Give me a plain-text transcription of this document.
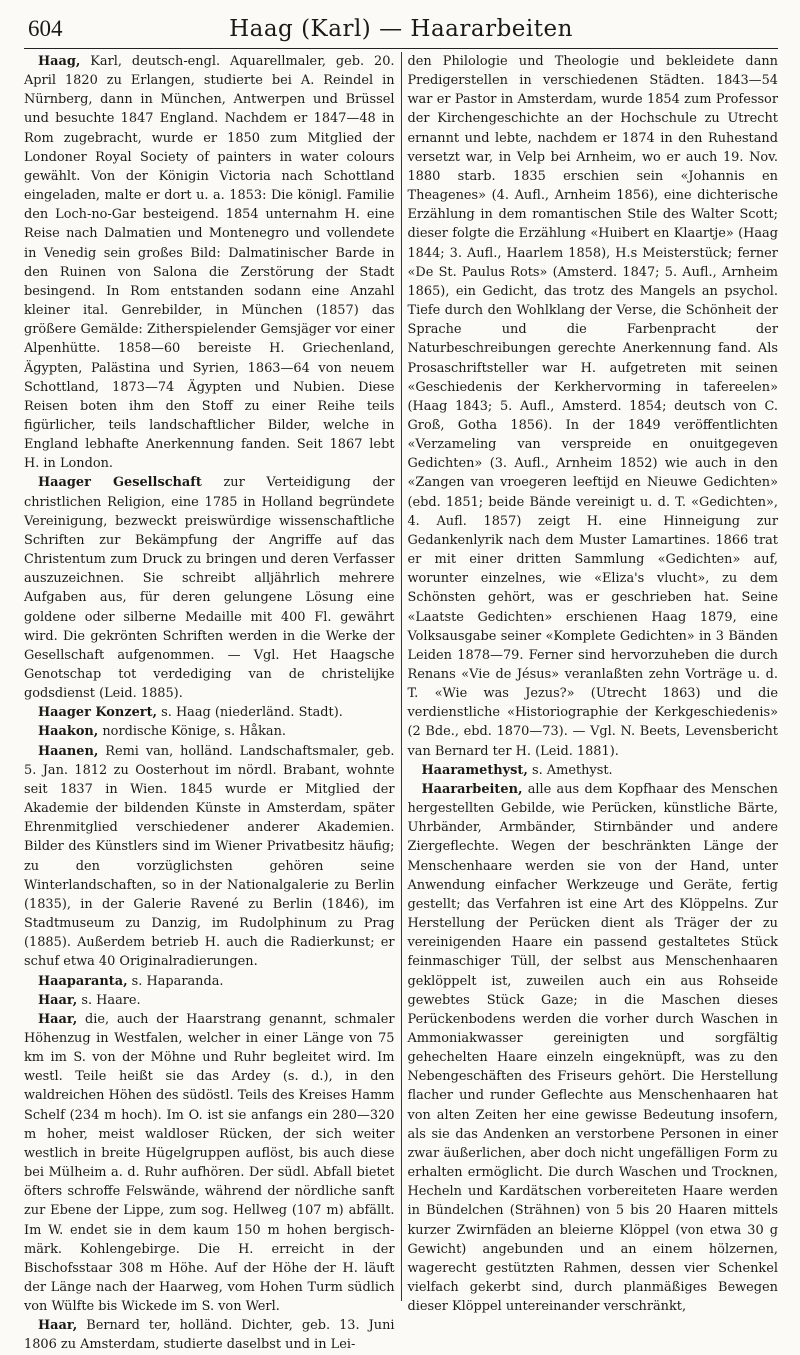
604	Haag (Karl) — Haararbeiten

Haag, Karl, deutsch-engl. Aquarellmaler, geb. 20. April 1820 zu Erlangen, studierte bei A. Reindel in Nürnberg, dann in München, Antwerpen und Brüssel und besuchte 1847 England. Nachdem er 1847—48 in Rom zugebracht, wurde er 1850 zum Mitglied der Londoner Royal Society of painters in water colours gewählt. Von der Königin Victoria nach Schottland eingeladen, malte er dort u. a. 1853: Die königl. Familie den Loch-no-Gar besteigend. 1854 unternahm H. eine Reise nach Dalmatien und Montenegro und vollendete in Venedig sein großes Bild: Dalmatinischer Barde in den Ruinen von Salona die Zerstörung der Stadt besingend. In Rom entstanden sodann eine Anzahl kleiner ital. Genrebilder, in München (1857) das größere Gemälde: Zitherspielender Gemsjäger vor einer Alpenhütte. 1858—60 bereiste H. Griechenland, Ägypten, Palästina und Syrien, 1863—64 von neuem Schottland, 1873—74 Ägypten und Nubien. Diese Reisen boten ihm den Stoff zu einer Reihe teils figürlicher, teils landschaftlicher Bilder, welche in England lebhafte Anerkennung fanden. Seit 1867 lebt H. in London.

Haager Gesellschaft zur Verteidigung der christlichen Religion, eine 1785 in Holland begründete Vereinigung, bezweckt preiswürdige wissenschaftliche Schriften zur Bekämpfung der Angriffe auf das Christentum zum Druck zu bringen und deren Verfasser auszuzeichnen. Sie schreibt alljährlich mehrere Aufgaben aus, für deren gelungene Lösung eine goldene oder silberne Medaille mit 400 Fl. gewährt wird. Die gekrönten Schriften werden in die Werke der Gesellschaft aufgenommen. — Vgl. Het Haagsche Genotschap tot verdediging van de christelijke godsdienst (Leid. 1885).

Haager Konzert, s. Haag (niederländ. Stadt).

Haakon, nordische Könige, s. Håkan.

Haanen, Remi van, holländ. Landschaftsmaler, geb. 5. Jan. 1812 zu Oosterhout im nördl. Brabant, wohnte seit 1837 in Wien. 1845 wurde er Mitglied der Akademie der bildenden Künste in Amsterdam, später Ehrenmitglied verschiedener anderer Akademien. Bilder des Künstlers sind im Wiener Privatbesitz häufig; zu den vorzüglichsten gehören seine Winterlandschaften, so in der Nationalgalerie zu Berlin (1835), in der Galerie Ravené zu Berlin (1846), im Stadtmuseum zu Danzig, im Rudolphinum zu Prag (1885). Außerdem betrieb H. auch die Radierkunst; er schuf etwa 40 Originalradierungen.

Haaparanta, s. Haparanda.

Haar, s. Haare.

Haar, die, auch der Haarstrang genannt, schmaler Höhenzug in Westfalen, welcher in einer Länge von 75 km im S. von der Möhne und Ruhr begleitet wird. Im westl. Teile heißt sie das Ardey (s. d.), in den waldreichen Höhen des südöstl. Teils des Kreises Hamm Schelf (234 m hoch). Im O. ist sie anfangs ein 280—320 m hoher, meist waldloser Rücken, der sich weiter westlich in breite Hügelgruppen auflöst, bis auch diese bei Mülheim a. d. Ruhr aufhören. Der südl. Abfall bietet öfters schroffe Felswände, während der nördliche sanft zur Ebene der Lippe, zum sog. Hellweg (107 m) abfällt. Im W. endet sie in dem kaum 150 m hohen bergisch-märk. Kohlengebirge. Die H. erreicht in der Bischofsstaar 308 m Höhe. Auf der Höhe der H. läuft der Länge nach der Haarweg, vom Hohen Turm südlich von Wülfte bis Wickede im S. von Werl.

Haar, Bernard ter, holländ. Dichter, geb. 13. Juni 1806 zu Amsterdam, studierte daselbst und in Lei-

den Philologie und Theologie und bekleidete dann Predigerstellen in verschiedenen Städten. 1843—54 war er Pastor in Amsterdam, wurde 1854 zum Professor der Kirchengeschichte an der Hochschule zu Utrecht ernannt und lebte, nachdem er 1874 in den Ruhestand versetzt war, in Velp bei Arnheim, wo er auch 19. Nov. 1880 starb. 1835 erschien sein «Johannis en Theagenes» (4. Aufl., Arnheim 1856), eine dichterische Erzählung in dem romantischen Stile des Walter Scott; dieser folgte die Erzählung «Huibert en Klaartje» (Haag 1844; 3. Aufl., Haarlem 1858), H.s Meisterstück; ferner «De St. Paulus Rots» (Amsterd. 1847; 5. Aufl., Arnheim 1865), ein Gedicht, das trotz des Mangels an psychol. Tiefe durch den Wohlklang der Verse, die Schönheit der Sprache und die Farbenpracht der Naturbeschreibungen gerechte Anerkennung fand. Als Prosaschriftsteller war H. aufgetreten mit seinen «Geschiedenis der Kerkhervorming in tafereelen» (Haag 1843; 5. Aufl., Amsterd. 1854; deutsch von C. Groß, Gotha 1856). In der 1849 veröffentlichten «Verzameling van verspreide en onuitgegeven Gedichten» (3. Aufl., Arnheim 1852) wie auch in den «Zangen van vroegeren leeftijd en Nieuwe Gedichten» (ebd. 1851; beide Bände vereinigt u. d. T. «Gedichten», 4. Aufl. 1857) zeigt H. eine Hinneigung zur Gedankenlyrik nach dem Muster Lamartines. 1866 trat er mit einer dritten Sammlung «Gedichten» auf, worunter einzelnes, wie «Eliza's vlucht», zu dem Schönsten gehört, was er geschrieben hat. Seine «Laatste Gedichten» erschienen Haag 1879, eine Volksausgabe seiner «Komplete Gedichten» in 3 Bänden Leiden 1878—79. Ferner sind hervorzuheben die durch Renans «Vie de Jésus» veranlaßten zehn Vorträge u. d. T. «Wie was Jezus?» (Utrecht 1863) und die verdienstliche «Historiographie der Kerkgeschiedenis» (2 Bde., ebd. 1870—73). — Vgl. N. Beets, Levensbericht van Bernard ter H. (Leid. 1881).

Haaramethyst, s. Amethyst.

Haararbeiten, alle aus dem Kopfhaar des Menschen hergestellten Gebilde, wie Perücken, künstliche Bärte, Uhrbänder, Armbänder, Stirnbänder und andere Ziergeflechte. Wegen der beschränkten Länge der Menschenhaare werden sie von der Hand, unter Anwendung einfacher Werkzeuge und Geräte, fertig gestellt; das Verfahren ist eine Art des Klöppelns. Zur Herstellung der Perücken dient als Träger der zu vereinigenden Haare ein passend gestaltetes Stück feinmaschiger Tüll, der selbst aus Menschenhaaren geklöppelt ist, zuweilen auch ein aus Rohseide gewebtes Stück Gaze; in die Maschen dieses Perückenbodens werden die vorher durch Waschen in Ammoniakwasser gereinigten und sorgfältig gehechelten Haare einzeln eingeknüpft, was zu den Nebengeschäften des Friseurs gehört. Die Herstellung flacher und runder Geflechte aus Menschenhaaren hat von alten Zeiten her eine gewisse Bedeutung insofern, als sie das Andenken an verstorbene Personen in einer zwar äußerlichen, aber doch nicht ungefälligen Form zu erhalten ermöglicht. Die durch Waschen und Trocknen, Hecheln und Kardätschen vorbereiteten Haare werden in Bündelchen (Strähnen) von 5 bis 20 Haaren mittels kurzer Zwirnfäden an bleierne Klöppel (von etwa 30 g Gewicht) angebunden und an einem hölzernen, wagerecht gestützten Rahmen, dessen vier Schenkel vielfach gekerbt sind, durch planmäßiges Bewegen dieser Klöppel untereinander verschränkt,
